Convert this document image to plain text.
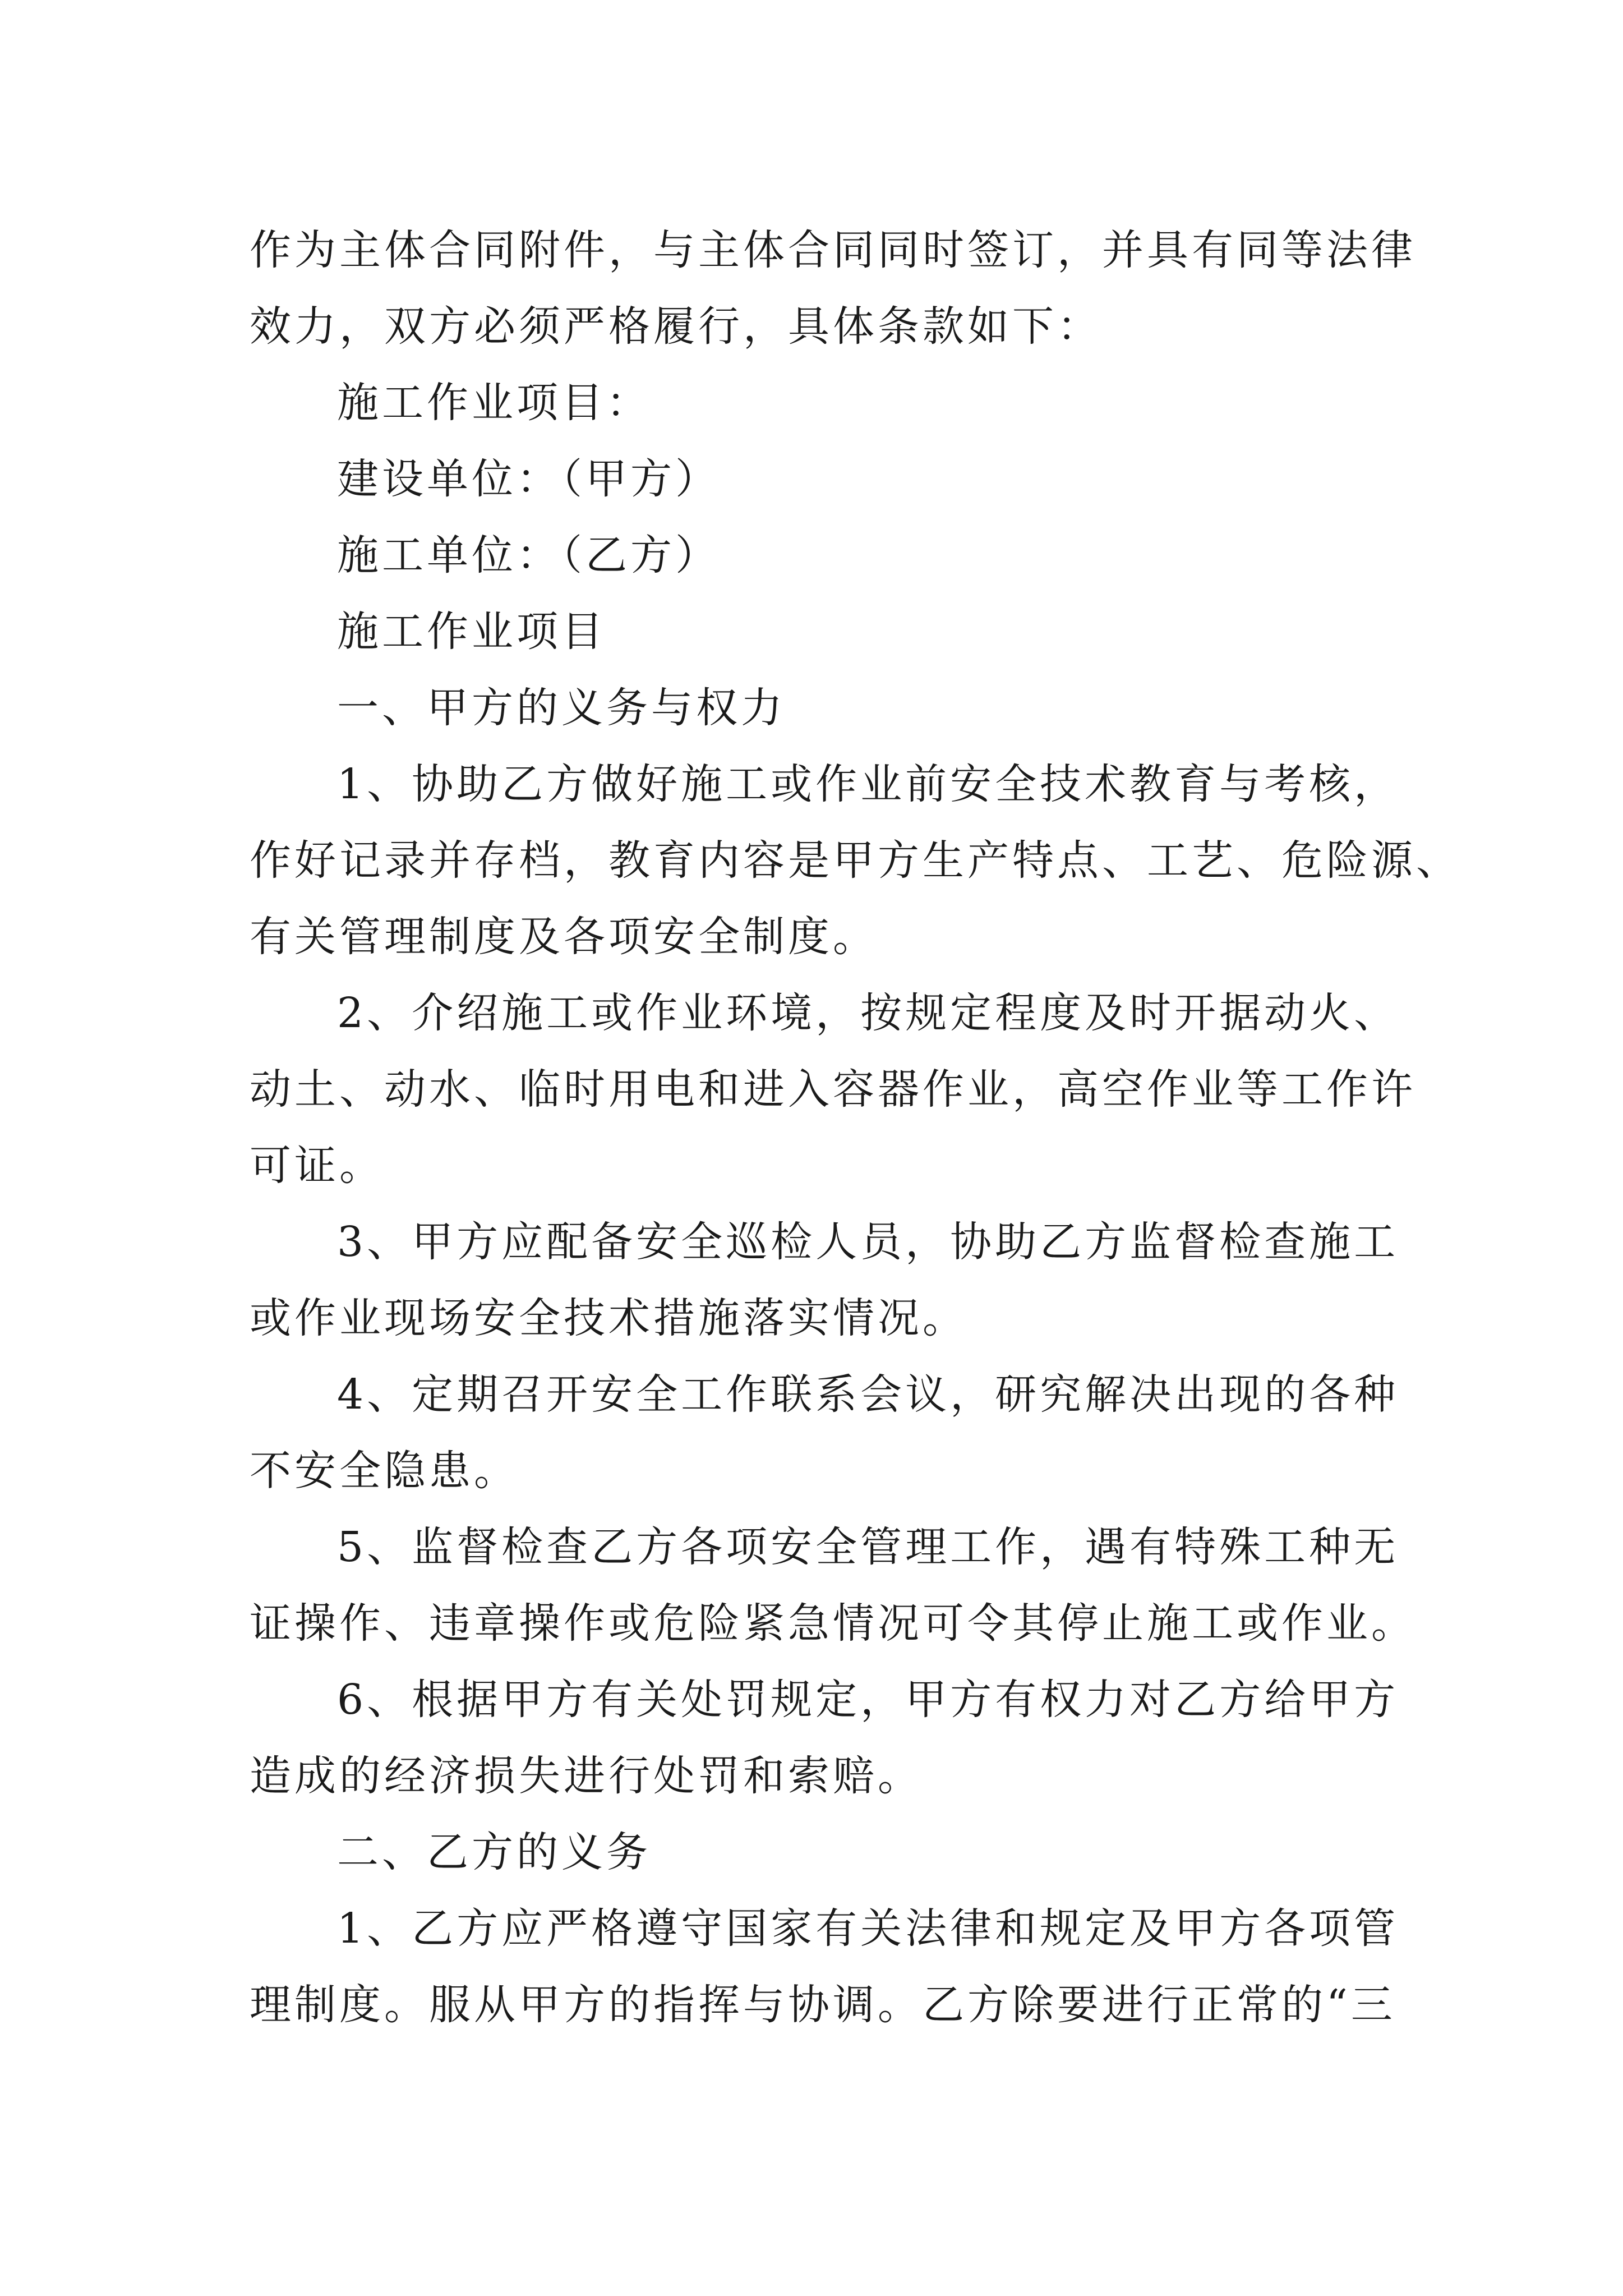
作为主体合同附件，与主体合同同时签订，并具有同等法律
效力，双方必须严格履行，具体条款如下：
施工作业项目：
建设单位：（甲方）
施工单位：（乙方）
施工作业项目
一、甲方的义务与权力
1、协助乙方做好施工或作业前安全技术教育与考核，
作好记录并存档，教育内容是甲方生产特点、工艺、危险源、
有关管理制度及各项安全制度。
2、介绍施工或作业环境，按规定程度及时开据动火、
动土、动水、临时用电和进入容器作业，高空作业等工作许
可证。
3、甲方应配备安全巡检人员，协助乙方监督检查施工
或作业现场安全技术措施落实情况。
4、定期召开安全工作联系会议，研究解决出现的各种
不安全隐患。
5、监督检查乙方各项安全管理工作，遇有特殊工种无
证操作、违章操作或危险紧急情况可令其停止施工或作业。
6、根据甲方有关处罚规定，甲方有权力对乙方给甲方
造成的经济损失进行处罚和索赔。
二、乙方的义务
1、乙方应严格遵守国家有关法律和规定及甲方各项管
理制度。服从甲方的指挥与协调。乙方除要进行正常的“三
